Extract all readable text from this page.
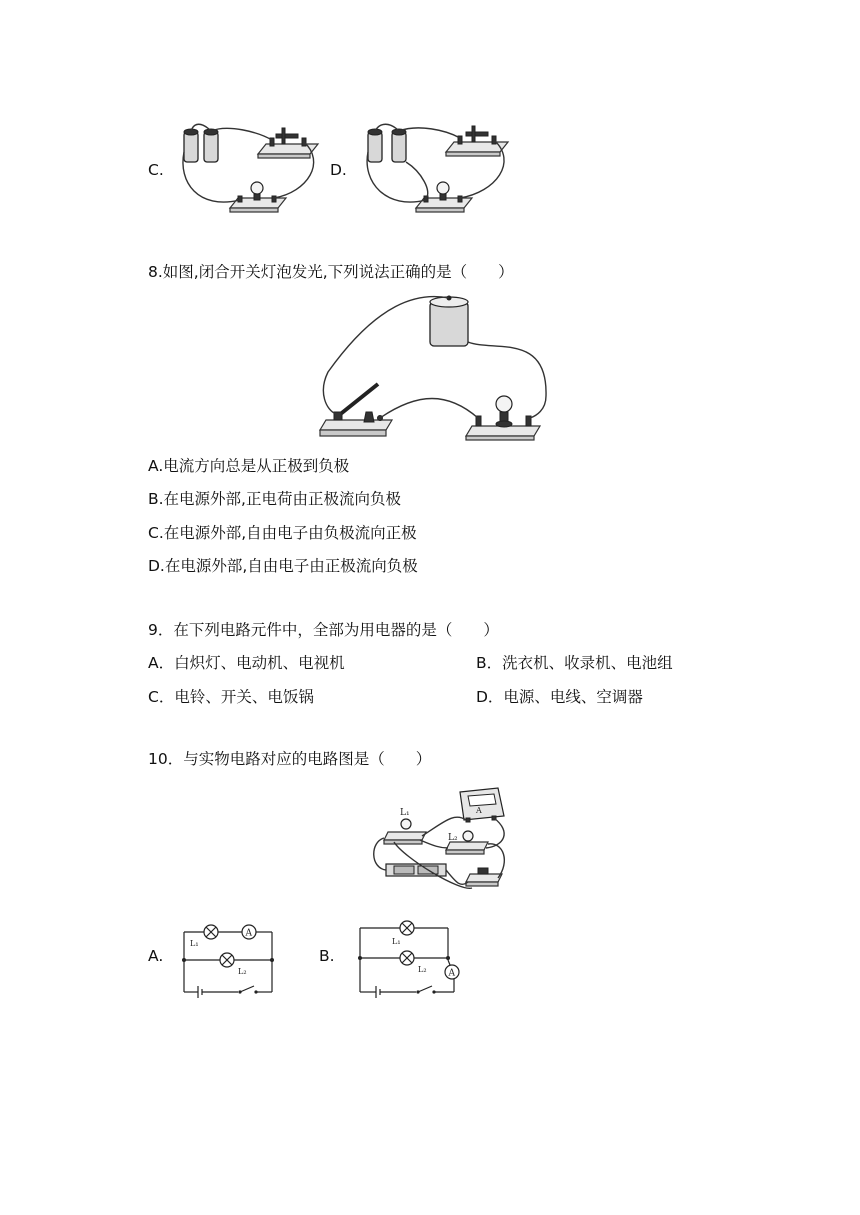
C.	D.
8.如图,闭合开关灯泡发光,下列说法正确的是（　　）
A.电流方向总是从正极到负极
B.在电源外部,正电荷由正极流向负极
C.在电源外部,自由电子由负极流向正极
D.在电源外部,自由电子由正极流向负极
9．在下列电路元件中，全部为用电器的是（　　）
A．白炽灯、电动机、电视机	B．洗衣机、收录机、电池组
C．电铃、开关、电饭锅	D．电源、电线、空调器
10．与实物电路对应的电路图是（　　）
A
L₁
L₂
A.
A
L₁
L₂
B.
L₁
L₂ A
